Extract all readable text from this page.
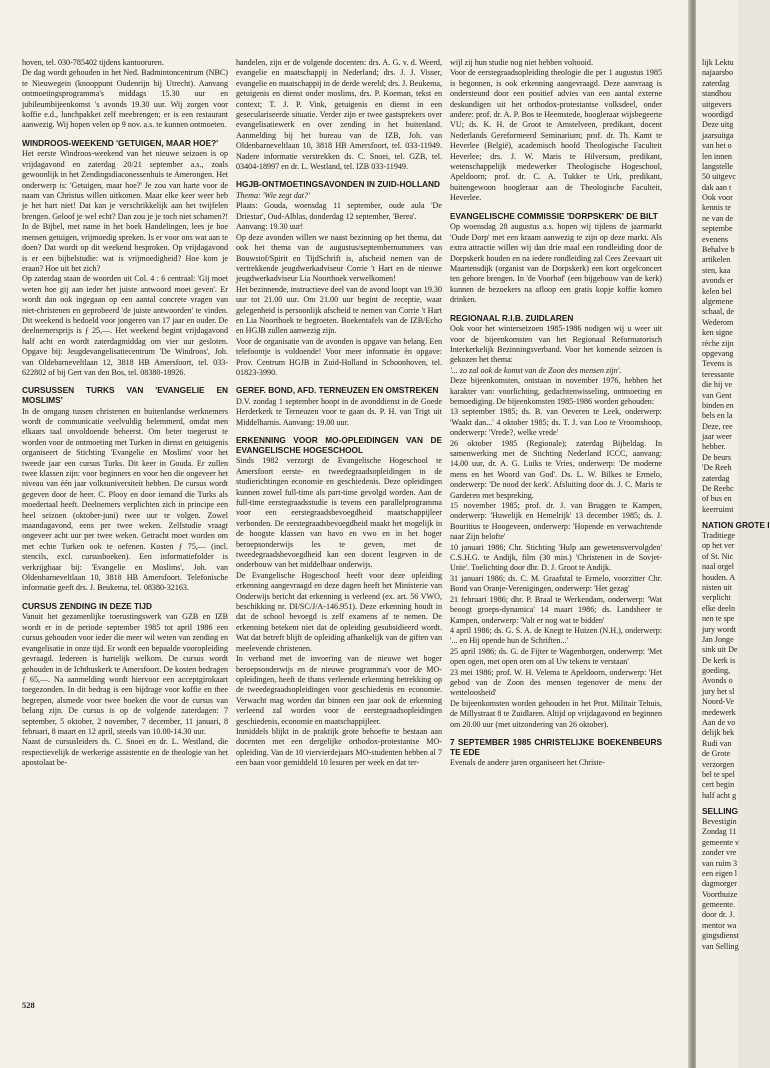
hoven, tel. 030-785402 tijdens kantooruren.

De dag wordt gehouden in het Ned. Badmintoncentrum (NBC) te Nieuwegein (knooppunt Oudenrijn bij Utrecht). Aanvang ontmoetingsprogramma's middags 15.30 uur en jubileumbijeenkomst 's avonds 19.30 uur. Wij zorgen voor koffie e.d., lunchpakket zelf meebrengen; er is een restaurant aanwezig. Wij hopen velen op 9 nov. a.s. te kunnen ontmoeten.

WINDROOS-WEEKEND 'GETUIGEN, MAAR HOE?'

Het eerste Windroos-weekend van het nieuwe seizoen is op vrijdagavond en zaterdag 20/21 september a.s., zoals gewoonlijk in het Zendingsdiaconessenhuis te Amerongen. Het onderwerp is: 'Getuigen, maar hoe?' Je zou van harte voor de naam van Christus willen uitkomen. Maar elke keer weer heb je het hart niet! Dat kan je verschrikkelijk aan het twijfelen brengen. Geloof je wel echt? Dan zou je je toch niet schamen?! In de Bijbel, met name in het boek Handelingen, lees je hoe mensen getuigen, vrijmoedig spreken. Is er voor ons wat aan te doen? Dat wordt op dit weekend besproken. Op vrijdagavond is er een bijbelstudie: wat is vrijmoedigheid? Hoe kom je eraan? Hoe uit het zich?

Op zaterdag staan de woorden uit Col. 4 : 6 centraal: 'Gij moet weten hoe gij aan ieder het juiste antwoord moet geven'. Er wordt dan ook ingegaan op een aantal concrete vragen van niet-christenen en geprobeerd 'de juiste antwoorden' te vinden. Dit weekend is bedoeld voor jongeren van 17 jaar en ouder. De deelnemersprijs is ƒ 25,—. Het weekend begint vrijdagavond half acht en wordt zaterdagmiddag om vier uur gesloten. Opgave bij: Jeugdevangelisatiecentrum 'De Windroos', Joh. van Oldebarneveltlaan 12, 3818 HB Amersfoort, tel. 033-622802 of bij Gert van den Bos, tel. 08380-18926.

CURSUSSEN TURKS VAN 'EVANGELIE EN MOSLIMS'

In de omgang tussen christenen en buitenlandse werknemers wordt de communicatie veelvuldig belemmerd, omdat men elkaars taal onvoldoende beheerst. Om beter toegerust te worden voor de ontmoeting met Turken in dienst en getuigenis organiseert de Stichting 'Evangelie en Moslims' voor het tweede jaar een cursus Turks. Dit keer in Gouda. Er zullen twee klassen zijn: voor beginners en voor hen die ongeveer het niveau van één jaar volksuniversiteit hebben. De cursus wordt gegeven door de heer. C. Plooy en door iemand die Turks als moedertaal heeft. Deelnemers verplichten zich in principe een heel seizoen (oktober-juni) twee uur te volgen. Zowel maandagavond, eens per twee weken. Zelfstudie vraagt ongeveer acht uur per twee weken. Getracht moet worden om met echte Turken ook te oefenen. Kosten ƒ 75,— (incl. stencils, excl. cursusboeken). Een informatiefolder is verkrijgbaar bij: 'Evangelie en Moslims', Joh. van Oldenbarneveltlaan 10, 3818 HB Amersfoort. Telefonische informatie geeft drs. J. Beukema, tel. 08380-32163.

CURSUS ZENDING IN DEZE TIJD

Vanuit het gezamenlijke toerustingswerk van GZB en IZB wordt er in de periode september 1985 tot april 1986 een cursus gehouden voor ieder die meer wil weten van zending en evangelisatie in onze tijd. Er wordt een bepaalde vooropleiding gevraagd. Iedereen is hartelijk welkom. De cursus wordt gehouden in de Ichthuskerk te Amersfoort. De kosten bedragen ƒ 65,—. Na aanmelding wordt hiervoor een acceptgirokaart toegezonden. In dit bedrag is een bijdrage voor koffie en thee begrepen, alsmede voor twee boeken die voor de cursus van belang zijn. De cursus is op de volgende zaterdagen: 7 september, 5 oktober, 2 november, 7 december, 11 januari, 8 februari, 8 maart en 12 april, steeds van 10.00-14.30 uur.

Naast de cursusleiders ds. C. Snoei en dr. L. Westland, die respectievelijk de werkerige assistentie en de theologie van het apostolaat be-

handelen, zijn er de volgende docenten: drs. A. G. v. d. Weerd, evangelie en maatschappij in Nederland; drs. J. J. Visser, evangelie en maatschappij in de derde wereld; drs. J. Beukema, getuigenis en dienst onder moslims, drs. P. Koeman, tekst en context; T. J. P. Vink, getuigenis en dienst in een geseculariseerde situatie. Verder zijn er twee gastsprekers over evangelisatiewerk en over zending in het buitenland. Aanmelding bij het bureau van de IZB, Joh. van Oldenbarneveltlaan 10, 3818 HB Amersfoort, tel. 033-11949. Nadere informatie verstrekken ds. C. Snoei, tel. GZB, tel. 03404-18997 en dr. L. Westland, tel. IZB 033-11949.

HGJB-ONTMOETINGSAVONDEN IN ZUID-HOLLAND

Thema: 'Wie zegt dat?'

Plaats: Gouda, woensdag 11 september, oude aula 'De Driestar', Oud-Alblas, donderdag 12 september, 'Berea'.

Aanvang: 19.30 uur!

Op deze avonden willen we naast bezinning op het thema, dat ook het thema van de augustus/septembernummers van Bouwstof/Spirit en TijdSchrift is, afscheid nemen van de vertrekkende jeugdwerkadviseur Corrie 't Hart en de nieuwe jeugdwerkadviseur Lia Noorthoek verwelkomen!

Het bezinnende, instructieve deel van de avond loopt van 19.30 uur tot 21.00 uur. Om 21.00 uur begint de receptie, waar gelegenheid is persoonlijk afscheid te nemen van Corrie 't Hart en Lia Noorthoek te begroeten. Boekentafels van de IZB/Echo en HGJB zullen aanwezig zijn.

Voor de organisatie van de avonden is opgave van belang. Een telefoontje is voldoende! Voor meer informatie èn opgave: Prov. Centrum HGJB in Zuid-Holland in Schoonhoven, tel. 01823-3990.

GEREF. BOND, AFD. TERNEUZEN EN OMSTREKEN

D.V. zondag 1 september hoopt in de avonddienst in de Goede Herderkerk te Terneuzen voor te gaan ds. P. H. van Trigt uit Middelharnis. Aanvang: 19.00 uur.

ERKENNING VOOR MO-OPLEIDINGEN VAN DE EVANGELISCHE HOGESCHOOL

Sinds 1982 verzorgt de Evangelische Hogeschool te Amersfoort eerste- en tweedegraadsopleidingen in de studierichtingen economie en geschiedenis. Deze opleidingen kunnen zowel full-time als part-time gevolgd worden. Aan de full-time eerstegraadsstudie is tevens een parallelprogramma voor een eerstegraadsbevoegdheid maatschappijleer verbonden. De eerstegraadsbevoegdheid maakt het mogelijk in de hoogste klassen van havo en vwo en in het hoger beroepsonderwijs les te geven, met de tweedegraadsbevoegdheid kan een docent lesgeven in de onderbouw van het middelbaar onderwijs.

De Evangelische Hogeschool heeft voor deze opleiding erkenning aangevraagd en deze dagen heeft het Ministerie van Onderwijs bericht dat erkenning is verleend (ex. art. 56 VWO, beschikking nr. DI/SC/J/A-146.951). Deze erkenning houdt in dat de school bevoegd is zelf examens af te nemen. De erkenning betekent niet dat de opleiding gesubsidieerd wordt. Wat dat betreft blijft de opleiding afhankelijk van de giften van meelevende christenen.

In verband met de invoering van de nieuwe wet hoger beroepsonderwijs en de nieuwe programma's voor de MO-opleidingen, heeft de thans verleende erkenning betrekking op de tweedegraadsopleidingen voor geschiedenis en economie. Verwacht mag worden dat binnen een jaar ook de erkenning verleend zal worden voor de eerstegraadsopleidingen geschiedenis, economie en maatschappijleer.

Inmiddels blijkt in de praktijk grote behoefte te bestaan aan docenten met een dergelijke orthodox-protestantse MO-opleiding. Van de 10 viervierdejaars MO-studenten hebben al 7 een baan voor gemiddeld 10 lesuren per week en dat ter-

wijl zij hun studie nog niet hebben voltooid.

Voor de eerstegraadsopleiding theologie die per 1 augustus 1985 is begonnen, is ook erkenning aangevraagd. Deze aanvraag is ondersteund door een positief advies van een aantal externe deskundigen uit het orthodox-protestantse volksdeel, onder andere: prof. dr. A. P. Bos te Heemstede, hoogleraar wijsbegeerte VU; ds. K. H. de Groot te Amstelveen, predikant, docent Nederlands Gereformeerd Seminarium; prof. dr. Th. Kamt te Heverlee (België), academisch hoofd Theologische Faculteit Heverlee; drs. J. W. Maris te Hilversum, predikant, wetenschappelijk medewerker Theologische Hogeschool, Apeldoorn; prof. dr. C. A. Tukker te Urk, predikant, buitengewoon hoogleraar aan de Theologische Faculteit, Heverlee.

EVANGELISCHE COMMISSIE 'DORPSKERK' DE BILT

Op woensdag 28 augustus a.s. hopen wij tijdens de jaarmarkt 'Oude Dorp' met een kraam aanwezig te zijn op deze markt. Als extra attractie willen wij dan drie maal een rondleiding door de Dorpskerk houden en na iedere rondleiding zal Cees Zeevaart uit Maartensdijk (organist van de Dorpskerk) een kort orgelconcert ten gehore brengen. In 'de Voorhof' (een bijgebouw van de kerk) kunnen de bezoekers na afloop een gratis kopje koffie komen drinken.

REGIONAAL R.I.B. ZUIDLAREN

Ook voor het winterseizoen 1985-1986 nodigen wij u weer uit voor de bijeenkomsten van het Regionaal Reformatorisch Interkerkelijk Bezinningsverband. Voor het komende seizoen is gekozen het thema:

'... zo zal ook de komst van de Zoon des mensen zijn'.

Deze bijeenkomsten, ontstaan in november 1976, hebben het karakter van: voorlichting, gedachtenwisseling, ontmoeting en bemoediging. De bijeenkomsten 1985-1986 worden gehouden:

13 september 1985; ds. B. van Oeveren te Leek, onderwerp: 'Waakt dan...' 4 oktober 1985; ds. T. J. van Loo te Vroomshoop, onderwerp: 'Vrede?, welke vrede'

26 oktober 1985 (Regionale); zaterdag Bijbeldag. In samenwerking met de Stichting Nederland ICCC, aanvang: 14.00 uur, dr. A. G. Luiks te Vries, onderwerp: 'De moderne mens en het Woord van God'. Ds. L. W. Bilkes te Ermelo, onderwerp: 'De nood der kerk'. Afsluiting door ds. J. C. Maris te Garderen met bespreking.

15 november 1985; prof. dr. J. van Bruggen te Kampen, onderwerp: 'Huwelijk en Hemelrijk' 13 december 1985; ds. J. Bouritius te Hoogeveen, onderwerp: 'Hopende en verwachtende naar Zijn belofte'

10 januari 1986; Chr. Stichting 'Hulp aan gewetensvervolgden' C.S.H.G. te Andijk, film (30 min.) 'Christenen in de Sovjet-Unie'. Toelichting door dhr. D. J. Groot te Andijk.

31 januari 1986; ds. C. M. Graafstal te Ermelo, voorzitter Chr. Bond van Oranje-Verenigingen, onderwerp: 'Het gezag'

21 februari 1986; dhr. P. Braal te Werkendam, onderwerp: 'Wat beoogt groeps-dynamica' 14 maart 1986; ds. Landsheer te Kampen, onderwerp: 'Valt er nog wat te bidden'

4 april 1986; ds. G. S. A. de Knegt te Huizen (N.H.), onderwerp: '... en Hij opende hun de Schriften...'

25 april 1986; ds. G. de Fijter te Wagenborgen, onderwerp: 'Met open ogen, met open oren om al Uw tekens te verstaan'

23 mei 1986; prof. W. H. Velema te Apeldoorn, onderwerp: 'Het gebod van de Zoon des mensen tegenover de mens der wetteloosheid'

De bijeenkomsten worden gehouden in het Prot. Militair Tehuis, de Millystraat 8 te Zuidlaren. Altijd op vrijdagavond en beginnen om 20.00 uur (met uitzondering van 26 oktober).

7 SEPTEMBER 1985 CHRISTELIJKE BOEKENBEURS TE EDE

Evenals de andere jaren organiseert het Christe-

528
lijk Lektu
najaarsbo
zaterdag
standhou
uitgevers
woordigd
Deze uitg
jaarsuitga
van het o
len innen
langstelle
50 uitgevc
dak aan t
Ook voor
kennis te
ne van de
septembe
evenens
Behalve b
artikelen
sten, kaa
avonds er
kelen bel
algemene
schaal, de
Wederom
ken signe
rèche zijn
opgevang
Tevens is
teressante
die hij ve
van Gent
binden en
bels en la
Deze, ree
jaar weer
hebber.
De beurs
'De Reeh
zaterdag
De Reehc
of bus en
keerruimt
NATION GROTE I
Traditiege
op het ver
of St. Nic
naal orgel
houden. A
nisten uit
verplicht
elke deeln
nen te spe
jury wordt
Jan Jonge
sink uit De
De kerk is
goeding,
Avonds o
jury het sl
Noord-Ve
medewerk
Aan de vo
delijk bek
Rudi van
de Grote
verzorgen
bel te spel
cert begin
half acht g
SELLING
Bevestigin
Zondag 11
gemeente v
zonder vre
van ruim 3
een eigen l
dagmorger
Voorthuize
gemeente.
door dr. J.
mentor wa
gingsdienst
van Selling
